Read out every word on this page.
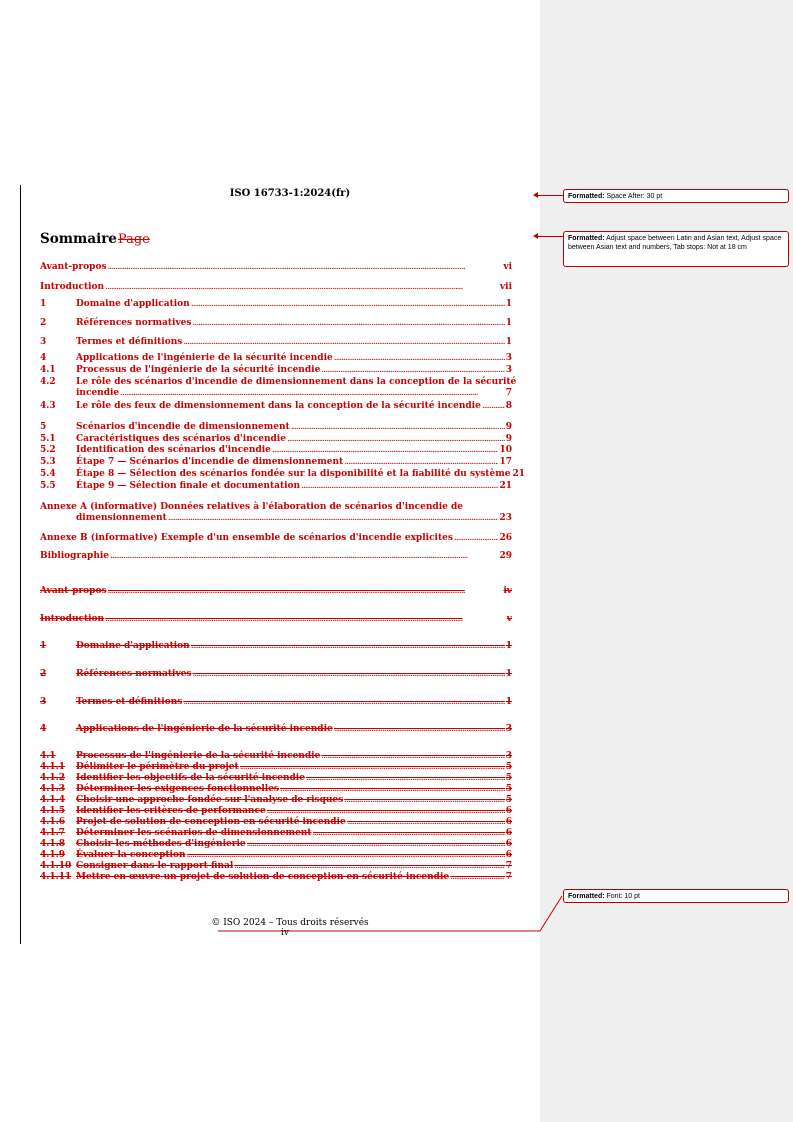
ISO 16733-1:2024(fr)
SommairePage
Avant-propos .....	vi
Introduction .....	vii
1	Domaine d'application .....	1
2	Références normatives .....	1
3	Termes et définitions .....	1
4	Applications de l'ingénierie de la sécurité incendie .....	3
4.1	Processus de l'ingénierie de la sécurité incendie .....	3
4.2	Le rôle des scénarios d'incendie de dimensionnement dans la conception de la sécurité
incendie .....	7
4.3	Le rôle des feux de dimensionnement dans la conception de la sécurité incendie .....	8
5	Scénarios d'incendie de dimensionnement .....	9
5.1	Caractéristiques des scénarios d'incendie .....	9
5.2	Identification des scénarios d'incendie .....	10
5.3	Étape 7 — Scénarios d'incendie de dimensionnement .....	17
5.4	Étape 8 — Sélection des scénarios fondée sur la disponibilité et la fiabilité du système 21
5.5	Étape 9 — Sélection finale et documentation .....	21
Annexe A (informative) Données relatives à l'élaboration de scénarios d'incendie de
dimensionnement .....	23
Annexe B (informative) Exemple d'un ensemble de scénarios d'incendie explicites .....	26
Bibliographie .....	29
Avant-propos .....	iv
Introduction .....	v
1	Domaine d'application .....	1
2	Références normatives .....	1
3	Termes et définitions .....	1
4	Applications de l'ingénierie de la sécurité incendie .....	3
4.1	Processus de l'ingénierie de la sécurité incendie .....	3
4.1.1	Délimiter le périmètre du projet .....	5
4.1.2	Identifier les objectifs de la sécurité incendie .....	5
4.1.3	Déterminer les exigences fonctionnelles .....	5
4.1.4	Choisir une approche fondée sur l'analyse de risques .....	5
4.1.5	Identifier les critères de performance .....	6
4.1.6	Projet de solution de conception en sécurité incendie .....	6
4.1.7	Déterminer les scénarios de dimensionnement .....	6
4.1.8	Choisir les méthodes d'ingénierie .....	6
4.1.9	Évaluer la conception .....	6
4.1.10 Consigner dans le rapport final .....	7
4.1.11 Mettre en œuvre un projet de solution de conception en sécurité incendie .....	7
© ISO 2024 – Tous droits réservés
iv
Formatted: Space After: 30 pt
Formatted: Adjust space between Latin and Asian text, Adjust space between Asian text and numbers, Tab stops: Not at 18 cm
Formatted: Font: 10 pt
